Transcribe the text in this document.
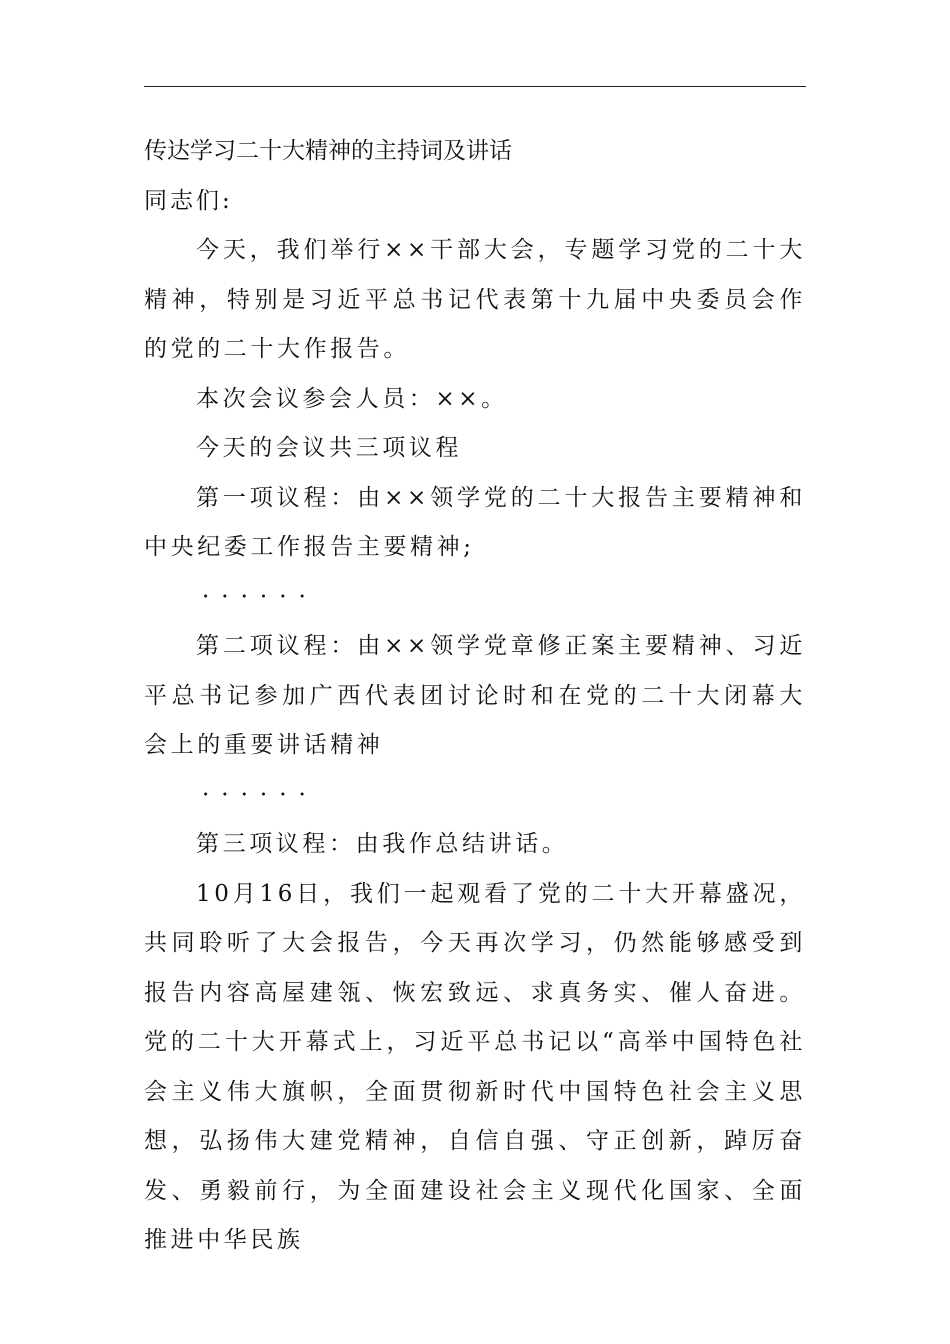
传达学习二十大精神的主持词及讲话
同志们:

今天，我们举行××干部大会，专题学习党的二十大精神，特别是习近平总书记代表第十九届中央委员会作的党的二十大作报告。

本次会议参会人员：××。

今天的会议共三项议程

第一项议程：由××领学党的二十大报告主要精神和中央纪委工作报告主要精神;

······

第二项议程：由××领学党章修正案主要精神、习近平总书记参加广西代表团讨论时和在党的二十大闭幕大会上的重要讲话精神

······

第三项议程：由我作总结讲话。

10月16日，我们一起观看了党的二十大开幕盛况，共同聆听了大会报告，今天再次学习，仍然能够感受到报告内容高屋建瓴、恢宏致远、求真务实、催人奋进。党的二十大开幕式上，习近平总书记以“高举中国特色社会主义伟大旗帜，全面贯彻新时代中国特色社会主义思想，弘扬伟大建党精神，自信自强、守正创新，踔厉奋发、勇毅前行，为全面建设社会主义现代化国家、全面推进中华民族
